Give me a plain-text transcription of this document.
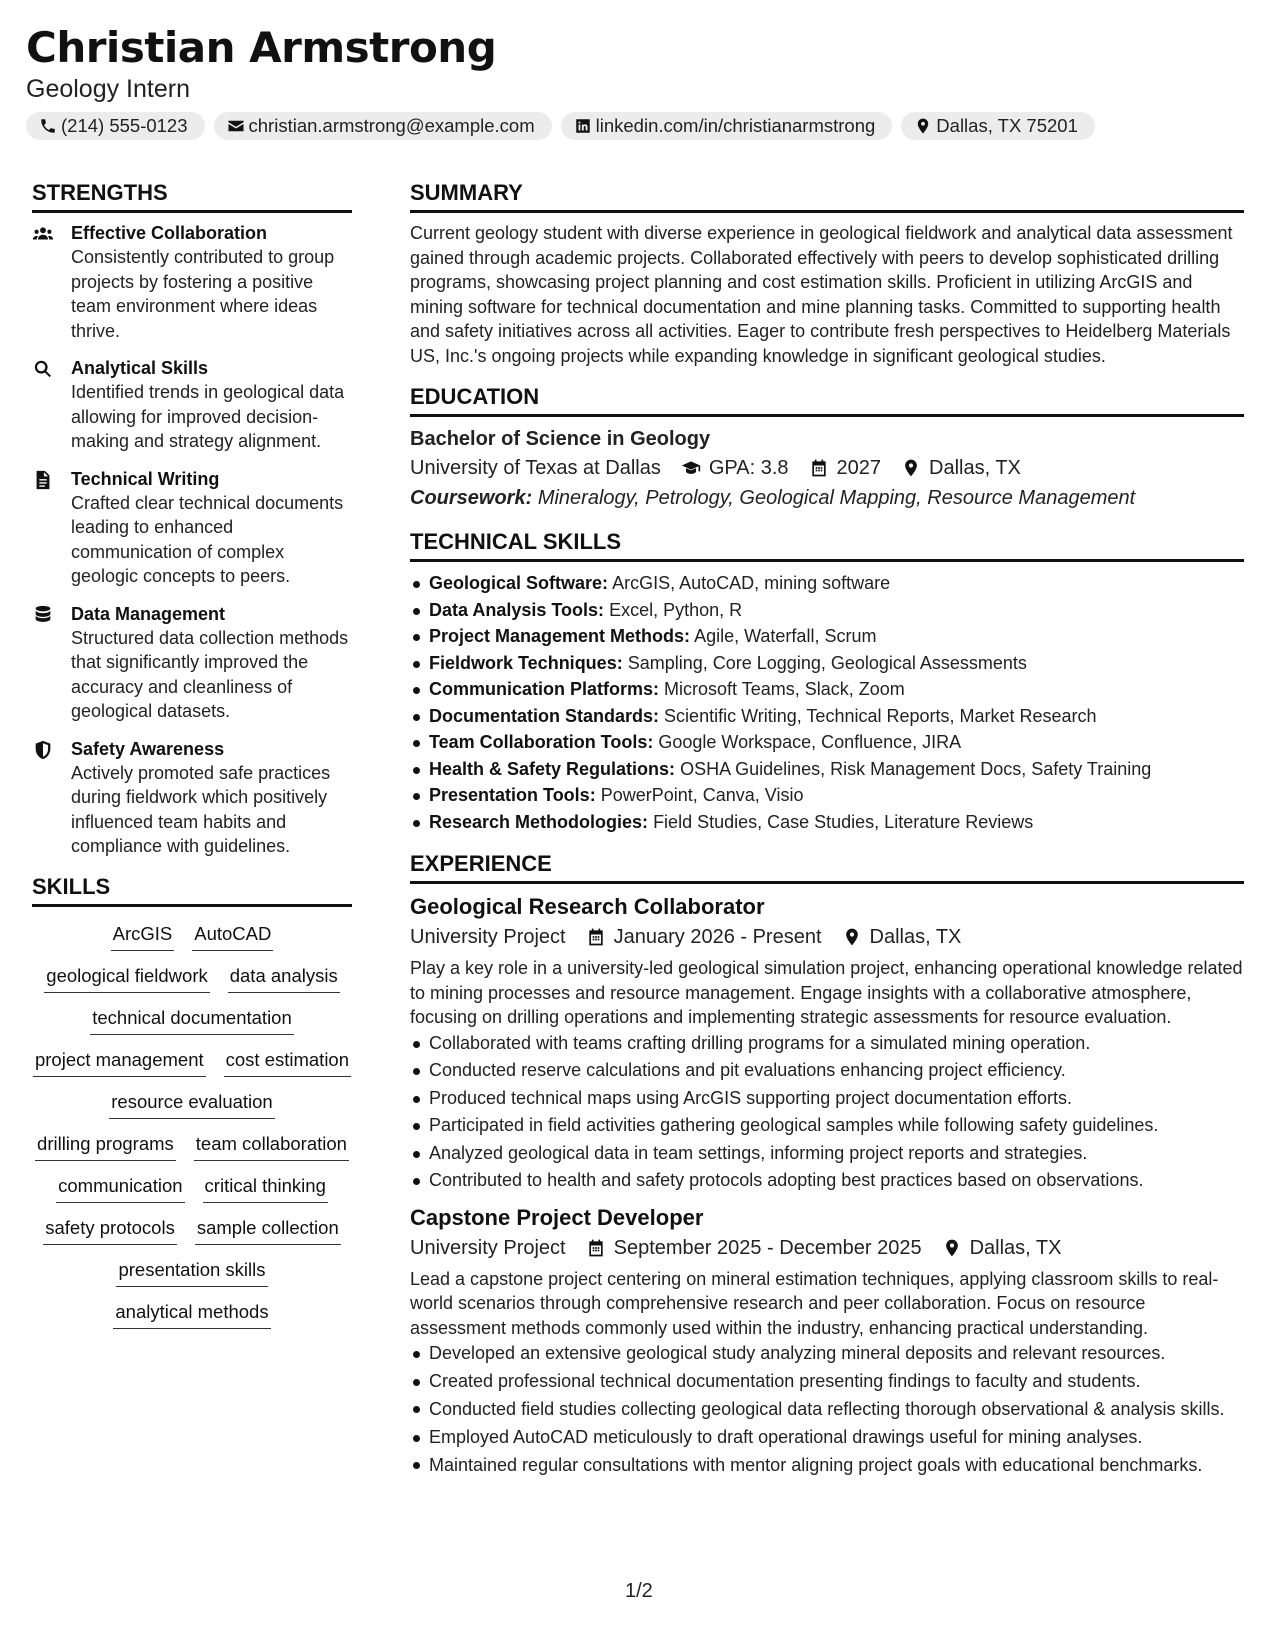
Christian Armstrong
Geology Intern
(214) 555-0123	christian.armstrong@example.com	linkedin.com/in/christianarmstrong	Dallas, TX 75201
STRENGTHS
Effective Collaboration
Consistently contributed to group projects by fostering a positive team environment where ideas thrive.
Analytical Skills
Identified trends in geological data allowing for improved decision-making and strategy alignment.
Technical Writing
Crafted clear technical documents leading to enhanced communication of complex geologic concepts to peers.
Data Management
Structured data collection methods that significantly improved the accuracy and cleanliness of geological datasets.
Safety Awareness
Actively promoted safe practices during fieldwork which positively influenced team habits and compliance with guidelines.
SKILLS
ArcGIS AutoCAD
geological fieldwork data analysis
technical documentation
project management cost estimation
resource evaluation
drilling programs team collaboration
communication critical thinking
safety protocols sample collection
presentation skills
analytical methods
SUMMARY
Current geology student with diverse experience in geological fieldwork and analytical data assessment gained through academic projects. Collaborated effectively with peers to develop sophisticated drilling programs, showcasing project planning and cost estimation skills. Proficient in utilizing ArcGIS and mining software for technical documentation and mine planning tasks. Committed to supporting health and safety initiatives across all activities. Eager to contribute fresh perspectives to Heidelberg Materials US, Inc.'s ongoing projects while expanding knowledge in significant geological studies.
EDUCATION
Bachelor of Science in Geology
University of Texas at Dallas GPA: 3.8 2027 Dallas, TX
Coursework: Mineralogy, Petrology, Geological Mapping, Resource Management
TECHNICAL SKILLS
Geological Software: ArcGIS, AutoCAD, mining software
Data Analysis Tools: Excel, Python, R
Project Management Methods: Agile, Waterfall, Scrum
Fieldwork Techniques: Sampling, Core Logging, Geological Assessments
Communication Platforms: Microsoft Teams, Slack, Zoom
Documentation Standards: Scientific Writing, Technical Reports, Market Research
Team Collaboration Tools: Google Workspace, Confluence, JIRA
Health & Safety Regulations: OSHA Guidelines, Risk Management Docs, Safety Training
Presentation Tools: PowerPoint, Canva, Visio
Research Methodologies: Field Studies, Case Studies, Literature Reviews
EXPERIENCE
Geological Research Collaborator
University Project January 2026 - Present Dallas, TX
Play a key role in a university-led geological simulation project, enhancing operational knowledge related to mining processes and resource management. Engage insights with a collaborative atmosphere, focusing on drilling operations and implementing strategic assessments for resource evaluation.
Collaborated with teams crafting drilling programs for a simulated mining operation.
Conducted reserve calculations and pit evaluations enhancing project efficiency.
Produced technical maps using ArcGIS supporting project documentation efforts.
Participated in field activities gathering geological samples while following safety guidelines.
Analyzed geological data in team settings, informing project reports and strategies.
Contributed to health and safety protocols adopting best practices based on observations.
Capstone Project Developer
University Project September 2025 - December 2025 Dallas, TX
Lead a capstone project centering on mineral estimation techniques, applying classroom skills to real-world scenarios through comprehensive research and peer collaboration. Focus on resource assessment methods commonly used within the industry, enhancing practical understanding.
Developed an extensive geological study analyzing mineral deposits and relevant resources.
Created professional technical documentation presenting findings to faculty and students.
Conducted field studies collecting geological data reflecting thorough observational & analysis skills.
Employed AutoCAD meticulously to draft operational drawings useful for mining analyses.
Maintained regular consultations with mentor aligning project goals with educational benchmarks.
1/2
